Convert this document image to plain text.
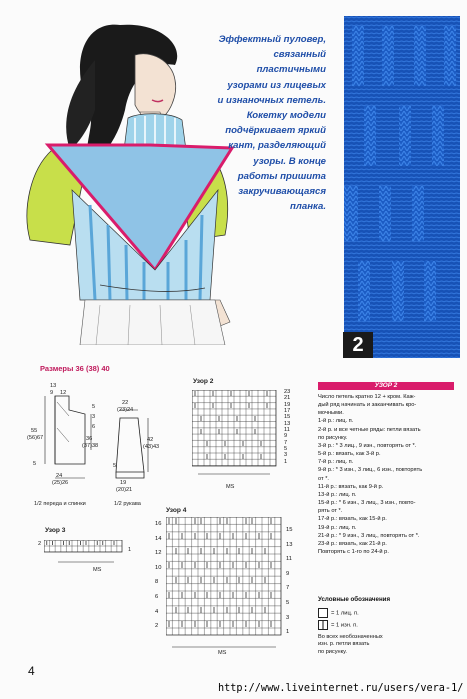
Эффектный пуловер,
связанный
пластичными
узорами из лицевых
и изнаночных петель.
Кокетку модели
подчёркивает яркий
кант, разделяющий
узоры. В конце
работы пришита
закручивающаяся
планка.
2
Размеры 36 (38) 40
13
9 12
5
3
6
55
(56)67	36
(37)38
5
24
(25)26
1/2 переда и спинки
22
(23)24
42
(43)43
5
19
(20)21
1/2 рукава
Узор 2
MS
23
21
19
17
15
13
11
9
7
5
3
1
Узор 3
2
1
MS
Узор 4
16
14
12
10
8
6
4
2
15
13
11
9
7
5
3
1
MS
УЗОР 2

Число петель кратно 12 + кром. Каж-

дый ряд начинать и заканчивать кро-

мочными.

1-й р.: лиц. п.

2-й р. и все четные ряды: петли вязать

по рисунку.

3-й р.: * 3 лиц., 9 изн., повторять от *.

5-й р.: вязать, как 3-й р.

7-й р.: лиц. п.

9-й р.: * 3 изн., 3 лиц., 6 изн., повторять

от *.

11-й р.: вязать, как 9-й р.

13-й р.: лиц. п.

15-й р.: * 6 изн., 3 лиц., 3 изн., повто-

рять от *.

17-й р.: вязать, как 15-й р.

19-й р.: лиц. п.

21-й р.: * 9 изн., 3 лиц., повторять от *.

23-й р.: вязать, как 21-й р.

Повторять с 1-го по 24-й р.

Условные обозначения
= 1 лиц. п.
= 1 изн. п.
Во всех необозначенных
изн. р. петли вязать
по рисунку.
4
http://www.liveinternet.ru/users/vera-1/
